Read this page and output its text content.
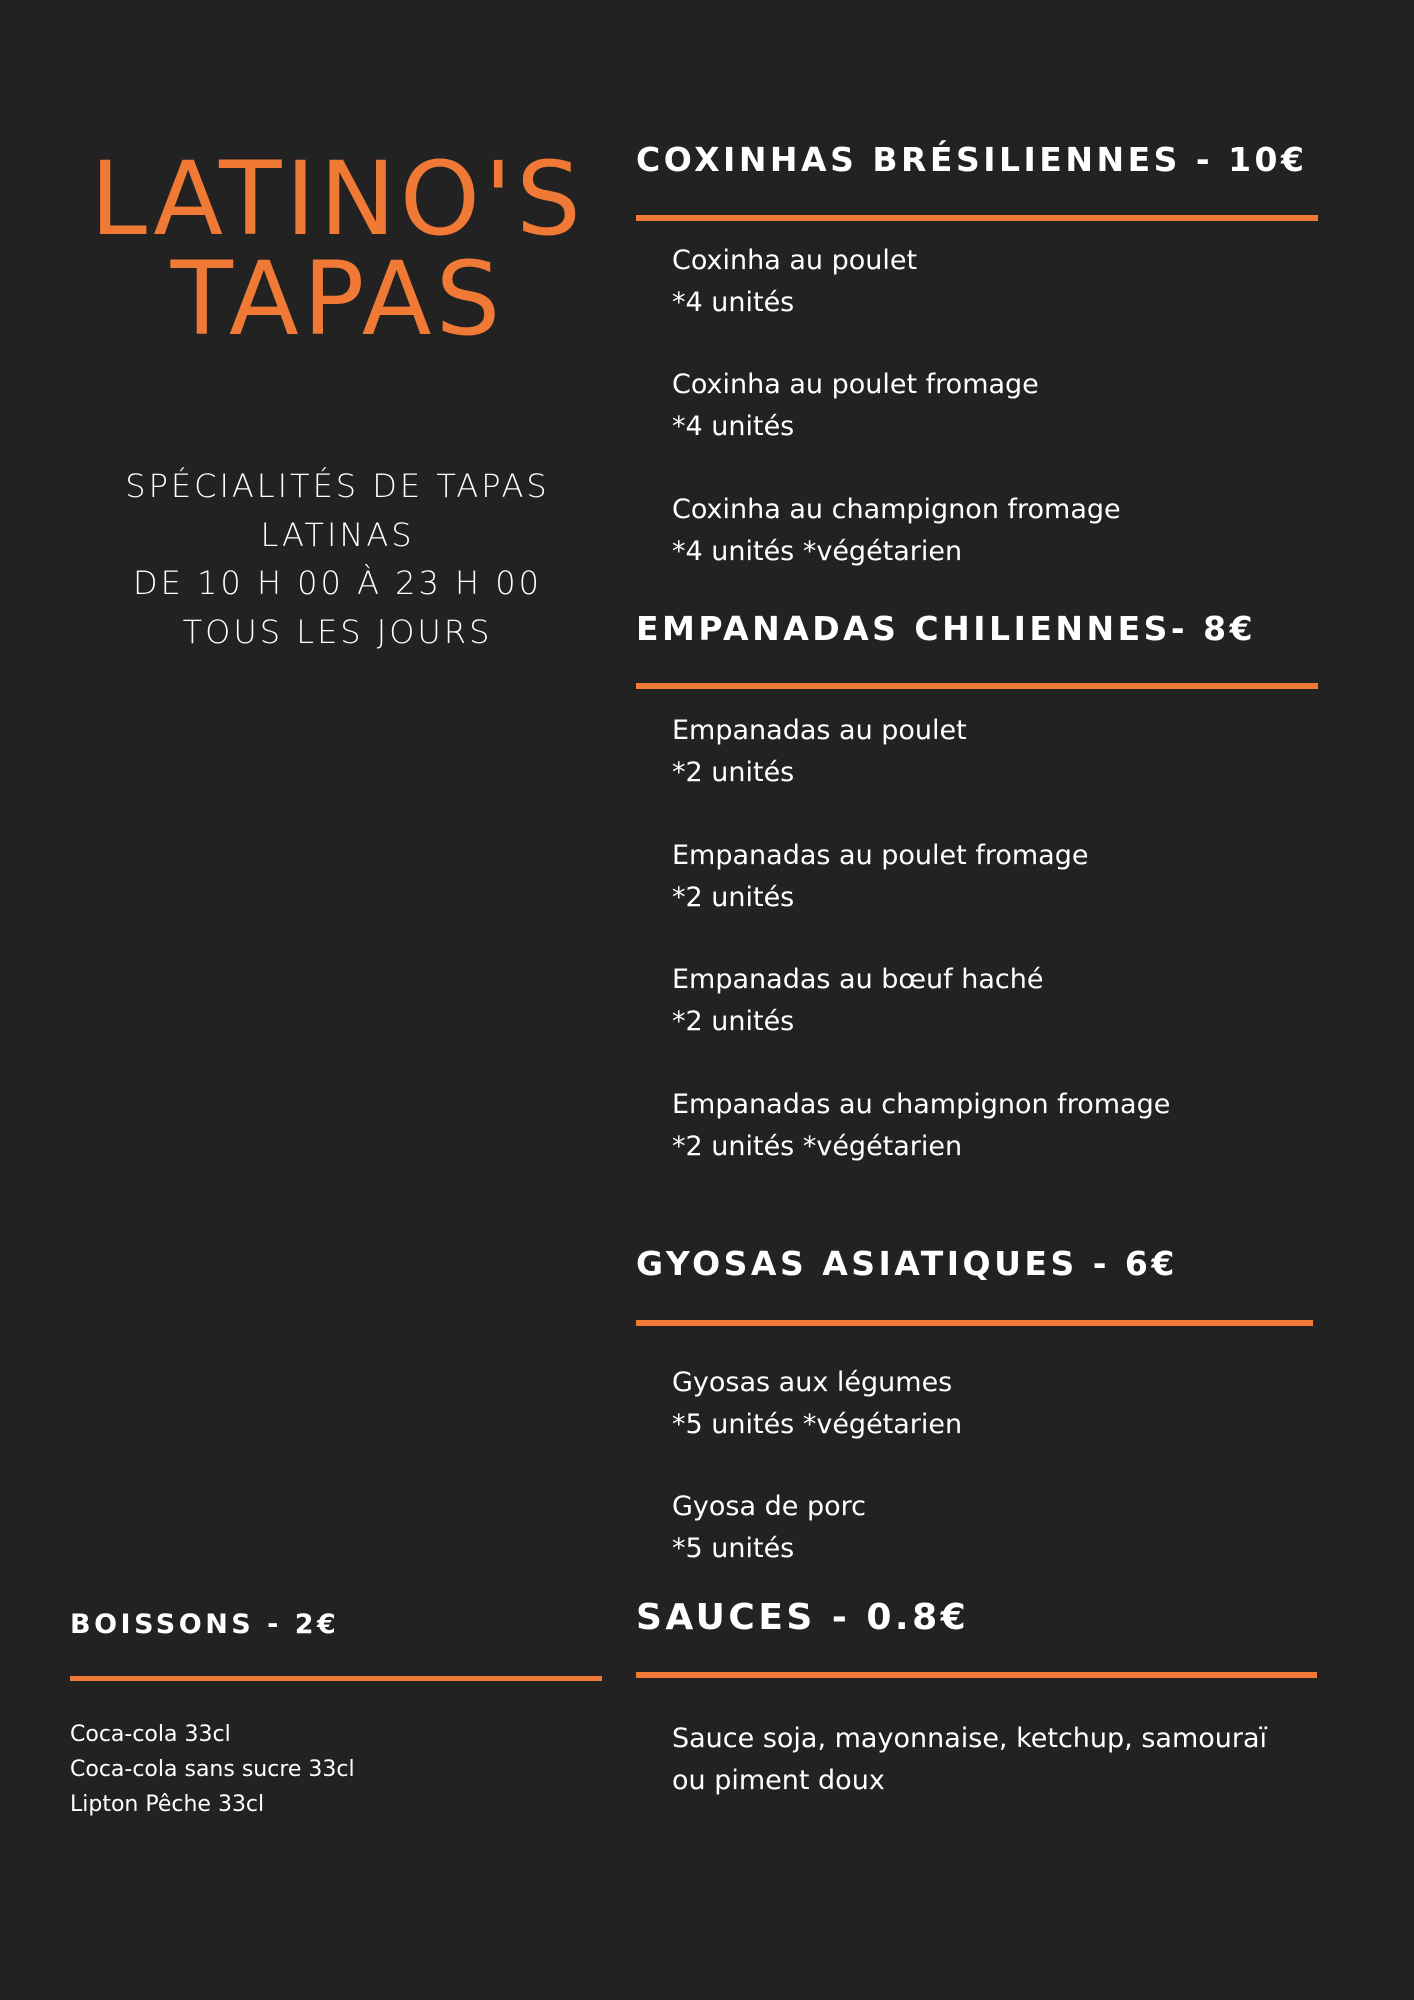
LATINO'S
TAPAS

SPÉCIALITÉS DE TAPAS
LATINAS
DE 10 H 00 À 23 H 00
TOUS LES JOURS

COXINHAS BRÉSILIENNES - 10€
Coxinha au poulet
*4 unités
Coxinha au poulet fromage
*4 unités
Coxinha au champignon fromage
*4 unités *végétarien
EMPANADAS CHILIENNES- 8€
Empanadas au poulet
*2 unités
Empanadas au poulet fromage
*2 unités
Empanadas au bœuf haché
*2 unités
Empanadas au champignon fromage
*2 unités *végétarien
GYOSAS ASIATIQUES - 6€
Gyosas aux légumes
*5 unités *végétarien
Gyosa de porc
*5 unités
SAUCES - 0.8€
Sauce soja, mayonnaise, ketchup, samouraï
ou piment doux
BOISSONS - 2€
Coca-cola 33cl
Coca-cola sans sucre 33cl
Lipton Pêche 33cl
